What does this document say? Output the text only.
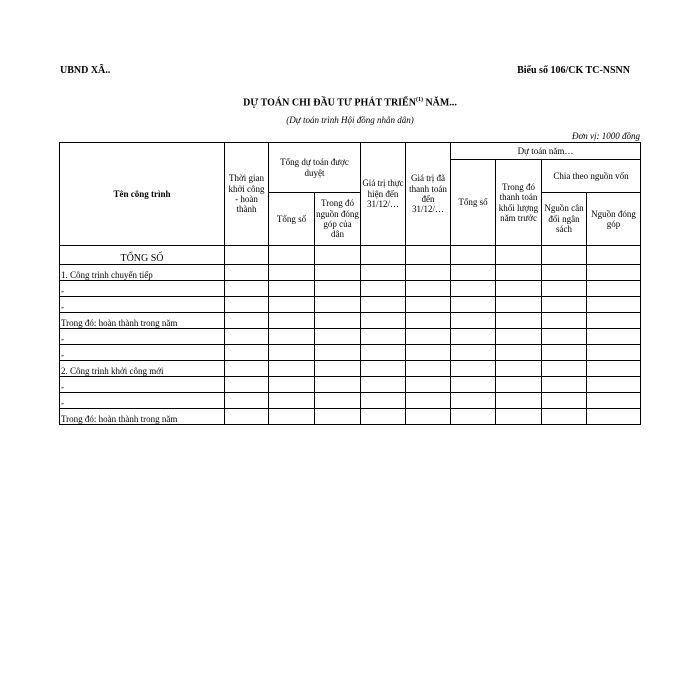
UBND XÃ..	Biểu số 106/CK TC-NSNN
DỰ TOÁN CHI ĐẦU TƯ PHÁT TRIỂN$^{(1)}$ NĂM...
(Dự toán trình Hội đồng nhân dân)
Đơn vị: 1000 đồng
Tên công trình	Thời gian khởi công - hoàn thành	Tổng dự toán được duyệt		Giá trị thực hiện đến 31/12/…	Giá trị đã thanh toán đến 31/12/…	Dự toán năm…			
						Tổng số	Trong đó thanh toán khối lượng năm trước	Chia theo nguồn vốn	
		Tổng số	Trong đó nguồn đóng góp của dân					Nguồn cân đối ngân sách	Nguồn đóng góp
TỔNG SỐ									
1. Công trình chuyển tiếp									
-									
-									
Trong đó: hoàn thành trong năm									
-									
-									
2. Công trình khởi công mới									
-									
-									
Trong đó: hoàn thành trong năm									
